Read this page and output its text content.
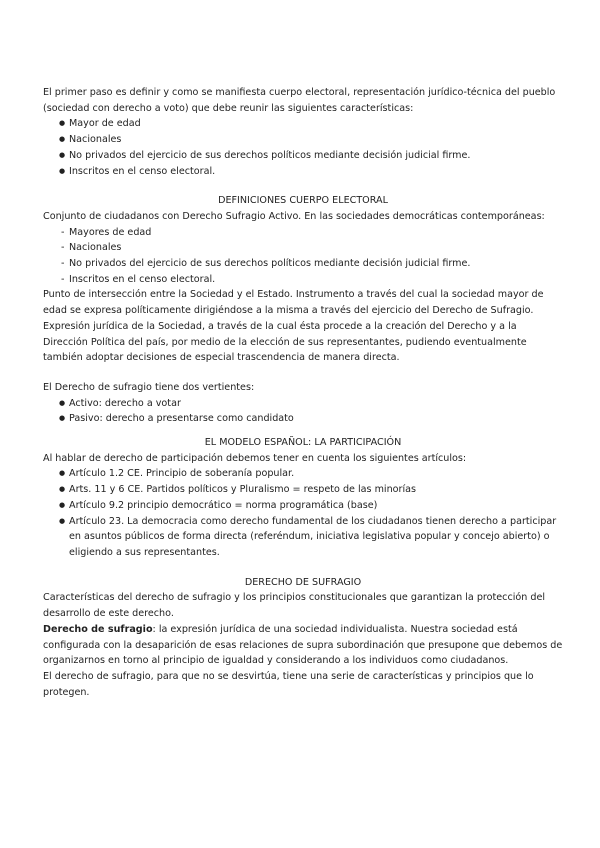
El primer paso es definir y como se manifiesta cuerpo electoral, representación jurídico-técnica del pueblo (sociedad con derecho a voto) que debe reunir las siguientes características:

● Mayor de edad
● Nacionales
● No privados del ejercicio de sus derechos políticos mediante decisión judicial firme.
● Inscritos en el censo electoral.

DEFINICIONES CUERPO ELECTORAL

Conjunto de ciudadanos con Derecho Sufragio Activo. En las sociedades democráticas contemporáneas:

- Mayores de edad
- Nacionales
- No privados del ejercicio de sus derechos políticos mediante decisión judicial firme.
- Inscritos en el censo electoral.

Punto de intersección entre la Sociedad y el Estado. Instrumento a través del cual la sociedad mayor de edad se expresa políticamente dirigiéndose a la misma a través del ejercicio del Derecho de Sufragio.

Expresión jurídica de la Sociedad, a través de la cual ésta procede a la creación del Derecho y a la Dirección Política del país, por medio de la elección de sus representantes, pudiendo eventualmente también adoptar decisiones de especial trascendencia de manera directa.

El Derecho de sufragio tiene dos vertientes:

● Activo: derecho a votar
● Pasivo: derecho a presentarse como candidato

EL MODELO ESPAÑOL: LA PARTICIPACIÓN

Al hablar de derecho de participación debemos tener en cuenta los siguientes artículos:

● Artículo 1.2 CE. Principio de soberanía popular.
● Arts. 11 y 6 CE. Partidos políticos y Pluralismo = respeto de las minorías
● Artículo 9.2 principio democrático = norma programática (base)
● Artículo 23. La democracia como derecho fundamental de los ciudadanos tienen derecho a participar en asuntos públicos de forma directa (referéndum, iniciativa legislativa popular y concejo abierto) o eligiendo a sus representantes.

DERECHO DE SUFRAGIO

Características del derecho de sufragio y los principios constitucionales que garantizan la protección del desarrollo de este derecho.

Derecho de sufragio: la expresión jurídica de una sociedad individualista. Nuestra sociedad está configurada con la desaparición de esas relaciones de supra subordinación que presupone que debemos de organizarnos en torno al principio de igualdad y considerando a los individuos como ciudadanos.

El derecho de sufragio, para que no se desvirtúa, tiene una serie de características y principios que lo protegen.
